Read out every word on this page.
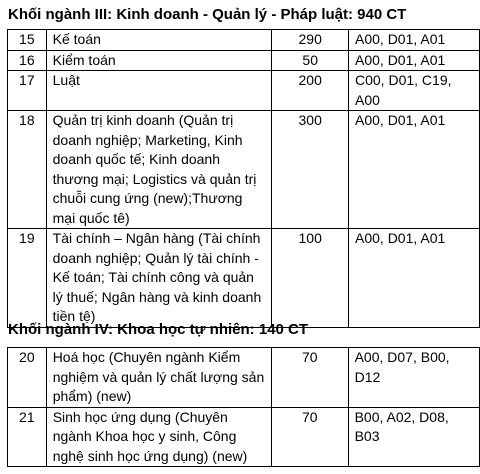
Khối ngành III: Kinh doanh - Quản lý - Pháp luật: 940 CT
15	Kế toán	290	A00, D01, A01
16	Kiểm toán	50	A00, D01, A01
17	Luật	200	C00, D01, C19, A00
18	Quản trị kinh doanh (Quản trị doanh nghiệp; Marketing, Kinh doanh quốc tế; Kinh doanh thương mại; Logistics và quản trị chuỗi cung ứng (new);Thương mại quốc tê)	300	A00, D01, A01
19	Tài chính – Ngân hàng (Tài chính doanh nghiệp; Quản lý tài chính - Kế toán; Tài chính công và quản lý thuế; Ngân hàng và kinh doanh tiền tệ)	100	A00, D01, A01
Khối ngành IV: Khoa học tự nhiên: 140 CT
20	Hoá học (Chuyên ngành Kiểm nghiệm và quản lý chất lượng sản phẩm) (new)	70	A00, D07, B00, D12
21	Sinh học ứng dụng (Chuyên ngành Khoa học y sinh, Công nghệ sinh học ứng dụng) (new)	70	B00, A02, D08, B03
